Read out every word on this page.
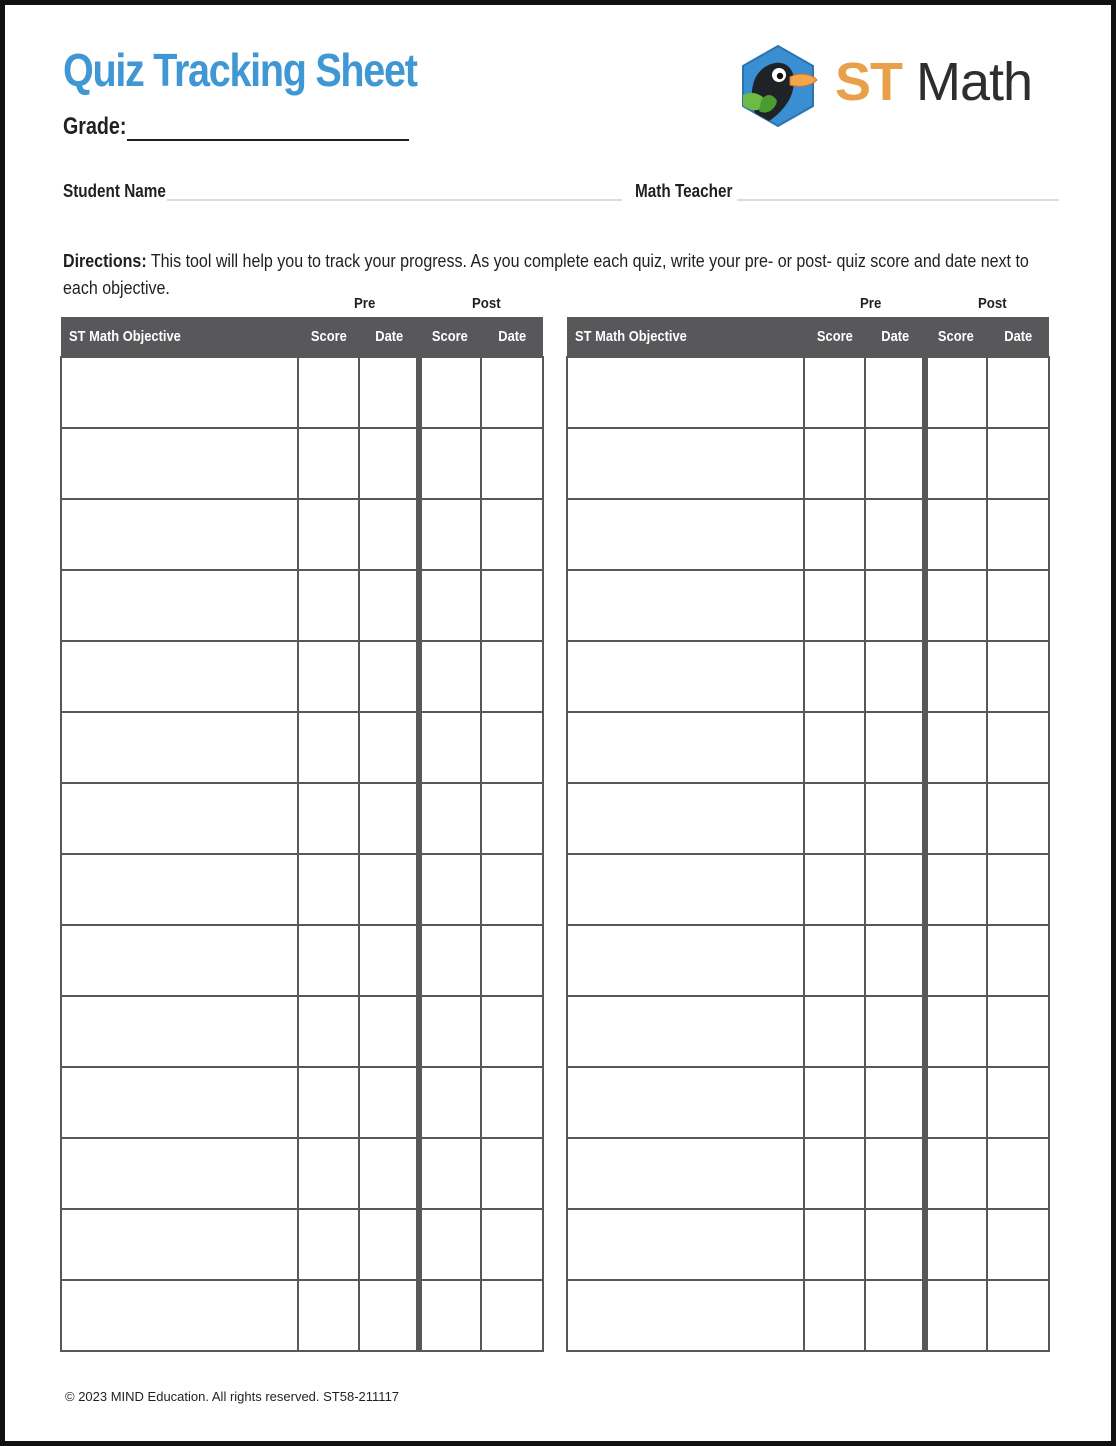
Quiz Tracking Sheet
Grade:
ST Math
Student Name	Math Teacher
Directions: This tool will help you to track your progress. As you complete each quiz, write your pre- or post- quiz score and date next to each objective.
Pre	Post	Pre	Post
ST Math Objective	Score	Date	Score	Date

					ST Math Objective	Score	Date	Score	Date

© 2023 MIND Education. All rights reserved. ST58-211117
